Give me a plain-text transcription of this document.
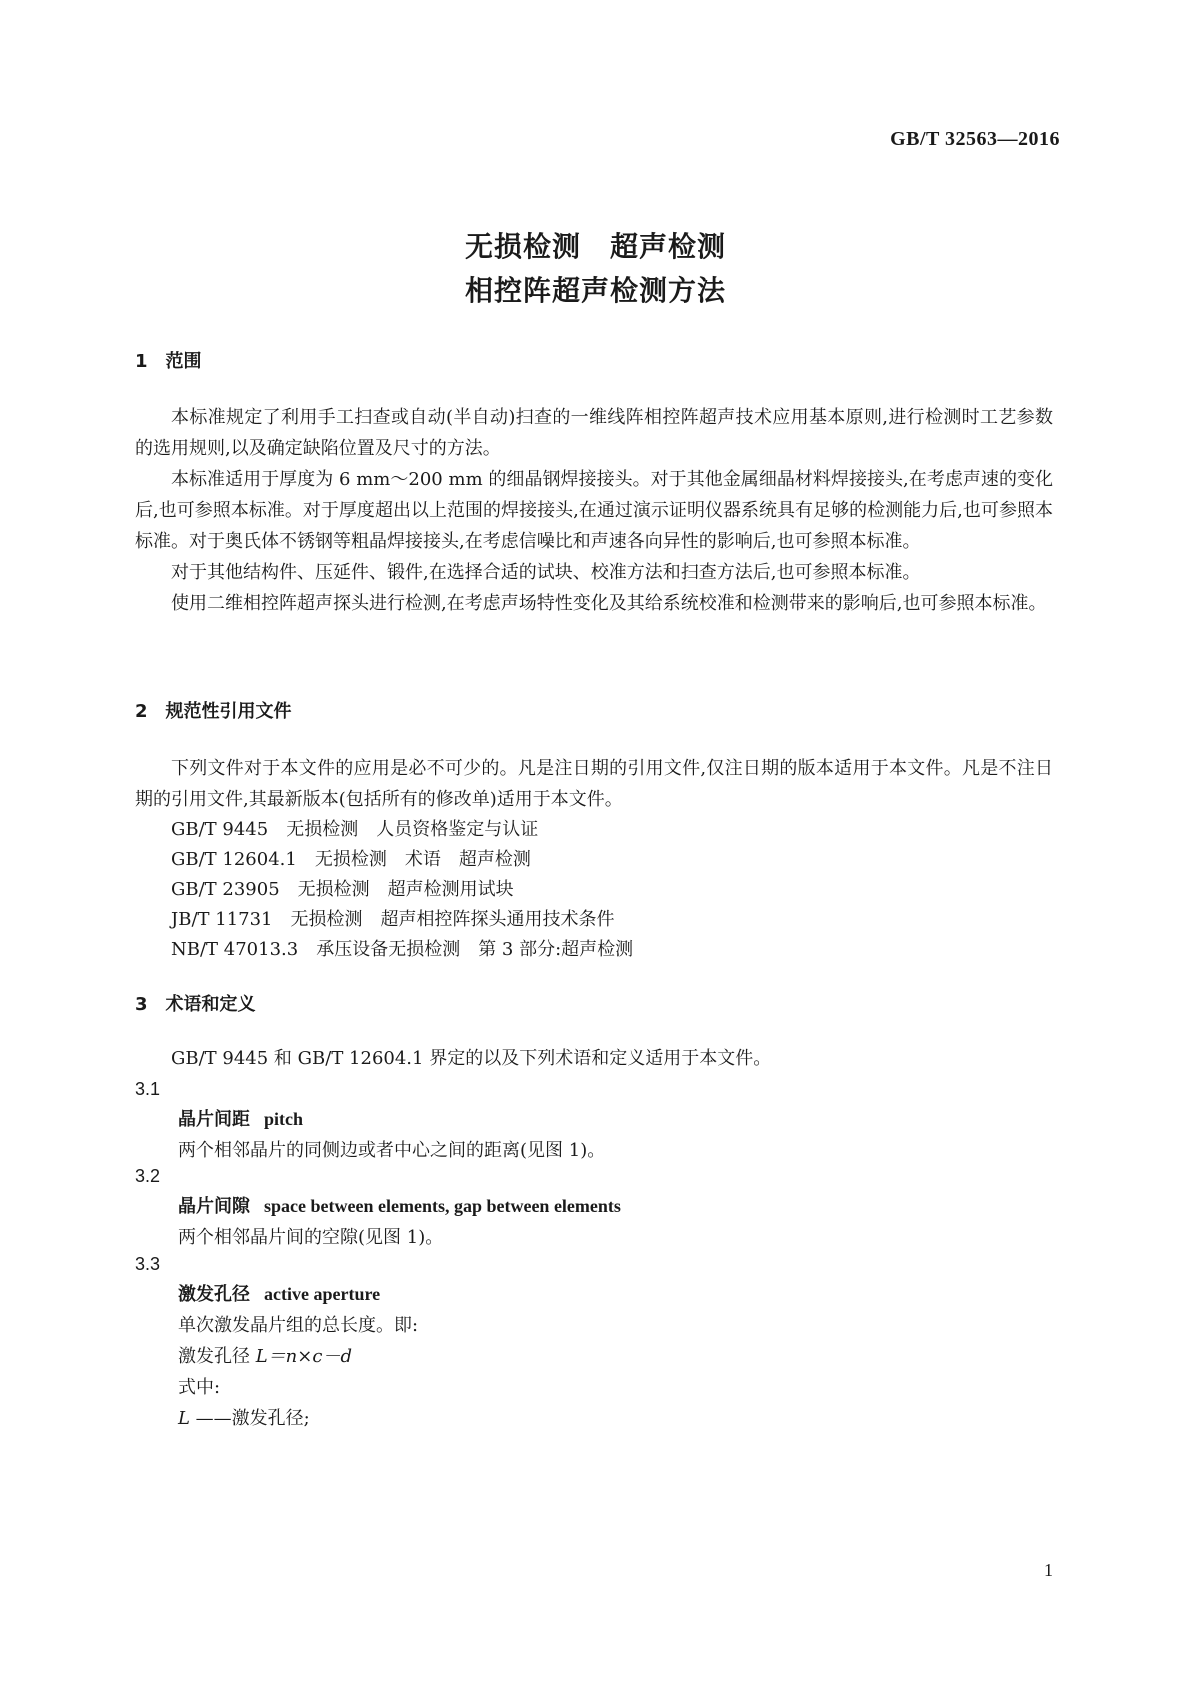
GB/T 32563—2016
无损检测　超声检测
相控阵超声检测方法
1　范围

本标准规定了利用手工扫查或自动(半自动)扫查的一维线阵相控阵超声技术应用基本原则,进行检测时工艺参数的选用规则,以及确定缺陷位置及尺寸的方法。

本标准适用于厚度为 6 mm～200 mm 的细晶钢焊接接头。对于其他金属细晶材料焊接接头,在考虑声速的变化后,也可参照本标准。对于厚度超出以上范围的焊接接头,在通过演示证明仪器系统具有足够的检测能力后,也可参照本标准。对于奥氏体不锈钢等粗晶焊接接头,在考虑信噪比和声速各向异性的影响后,也可参照本标准。

对于其他结构件、压延件、锻件,在选择合适的试块、校准方法和扫查方法后,也可参照本标准。

使用二维相控阵超声探头进行检测,在考虑声场特性变化及其给系统校准和检测带来的影响后,也可参照本标准。

2　规范性引用文件

下列文件对于本文件的应用是必不可少的。凡是注日期的引用文件,仅注日期的版本适用于本文件。凡是不注日期的引用文件,其最新版本(包括所有的修改单)适用于本文件。

GB/T 9445　无损检测　人员资格鉴定与认证
GB/T 12604.1　无损检测　术语　超声检测
GB/T 23905　无损检测　超声检测用试块
JB/T 11731　无损检测　超声相控阵探头通用技术条件
NB/T 47013.3　承压设备无损检测　第 3 部分:超声检测
3　术语和定义

GB/T 9445 和 GB/T 12604.1 界定的以及下列术语和定义适用于本文件。

3.1
晶片间距 pitch
两个相邻晶片的同侧边或者中心之间的距离(见图 1)。
3.2
晶片间隙 space between elements, gap between elements
两个相邻晶片间的空隙(见图 1)。
3.3
激发孔径 active aperture
单次激发晶片组的总长度。即:
激发孔径 L＝n×c－d
式中:
L ——激发孔径;
1
